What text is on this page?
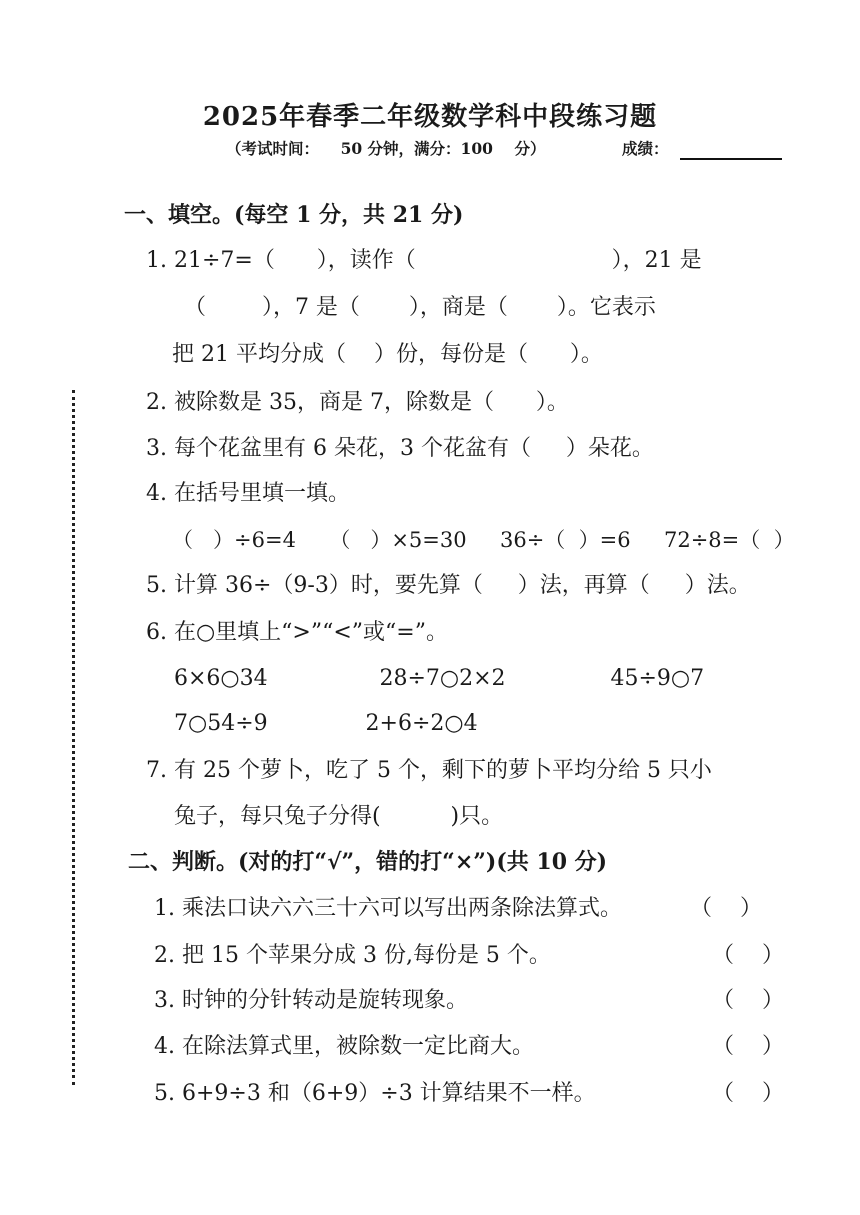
2025年春季二年级数学科中段练习题
（考试时间：    50 分钟，满分：100    分）	成绩：
一、填空。(每空 1 分，共 21 分)
1. 21÷7=（      ），读作（                            ），21 是
（        ），7 是（       ），商是（       ）。它表示
把 21 平均分成（    ）份，每份是（      ）。
2. 被除数是 35，商是 7，除数是（      ）。
3. 每个花盆里有 6 朵花，3 个花盆有（     ）朵花。
4. 在括号里填一填。
（   ）÷6=4     （   ）×5=30     36÷（  ）=6     72÷8=（  ）
5. 计算 36÷（9-3）时，要先算（     ）法，再算（     ）法。
6. 在○里填上“>”“<”或“=”。
6×6○34                28÷7○2×2               45÷9○7
7○54÷9              2+6÷2○4
7. 有 25 个萝卜，吃了 5 个，剩下的萝卜平均分给 5 只小
兔子，每只兔子分得(          )只。
二、判断。(对的打“√”，错的打“×”)(共 10 分)
1. 乘法口诀六六三十六可以写出两条除法算式。	（    ）
2. 把 15 个苹果分成 3 份,每份是 5 个。	（    ）
3. 时钟的分针转动是旋转现象。	（    ）
4. 在除法算式里，被除数一定比商大。	（    ）
5. 6+9÷3 和（6+9）÷3 计算结果不一样。	（    ）
